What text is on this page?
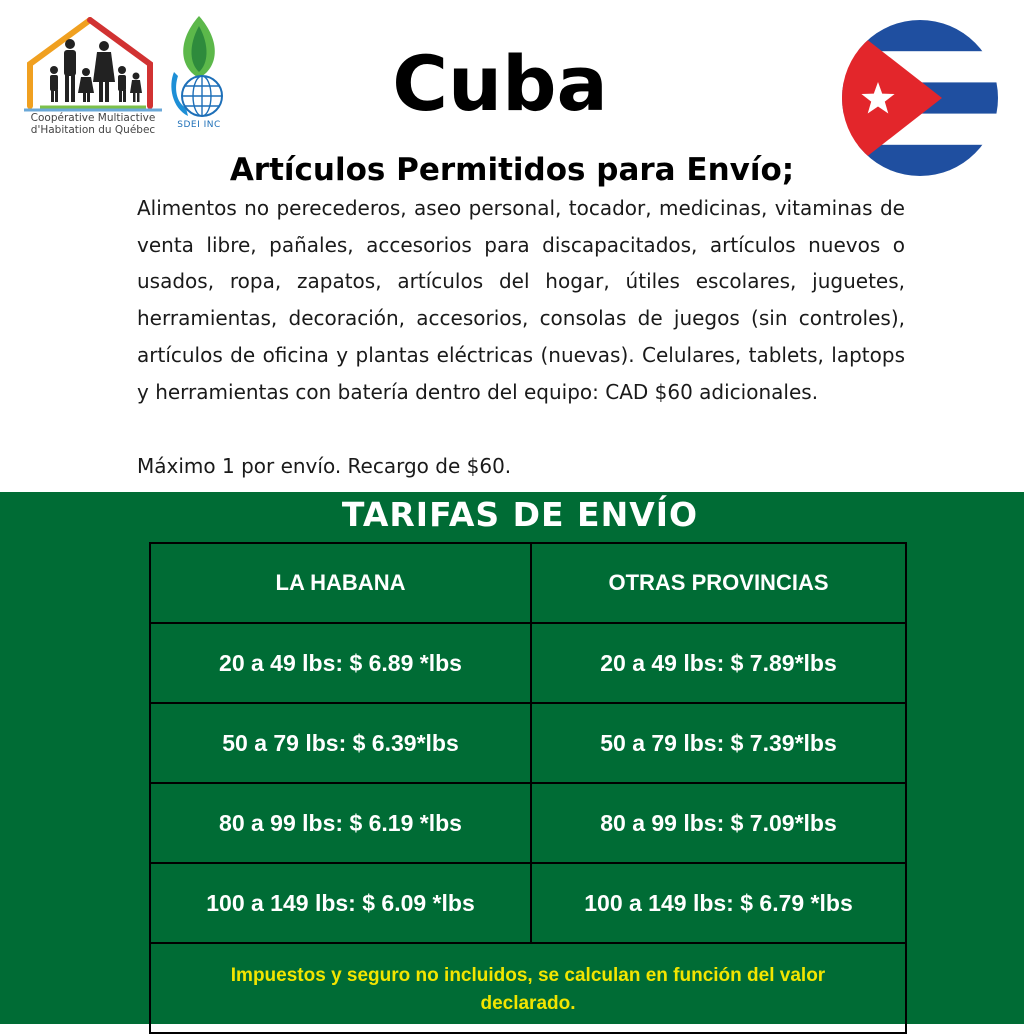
Coopérative Multiactive
d'Habitation du Québec	SDEI INC	Cuba
Artículos Permitidos para Envío;

Alimentos no perecederos, aseo personal, tocador, medicinas, vitaminas de venta libre, pañales, accesorios para discapacitados, artículos nuevos o usados, ropa, zapatos, artículos del hogar, útiles escolares, juguetes, herramientas, decoración, accesorios, consolas de juegos (sin controles), artículos de oficina y plantas eléctricas (nuevas). Celulares, tablets, laptops y herramientas con batería dentro del equipo: CAD $60 adicionales.

Máximo 1 por envío. Recargo de $60.

TARIFAS DE ENVÍO
LA HABANA	OTRAS PROVINCIAS
20 a 49 lbs: $ 6.89 *lbs	20 a 49 lbs: $ 7.89*lbs
50 a 79 lbs: $ 6.39*lbs	50 a 79 lbs: $ 7.39*lbs
80 a 99 lbs: $ 6.19 *lbs	80 a 99 lbs: $ 7.09*lbs
100 a 149 lbs: $ 6.09 *lbs	100 a 149 lbs: $ 6.79 *lbs
Impuestos y seguro no incluidos, se calculan en función del valor declarado.
